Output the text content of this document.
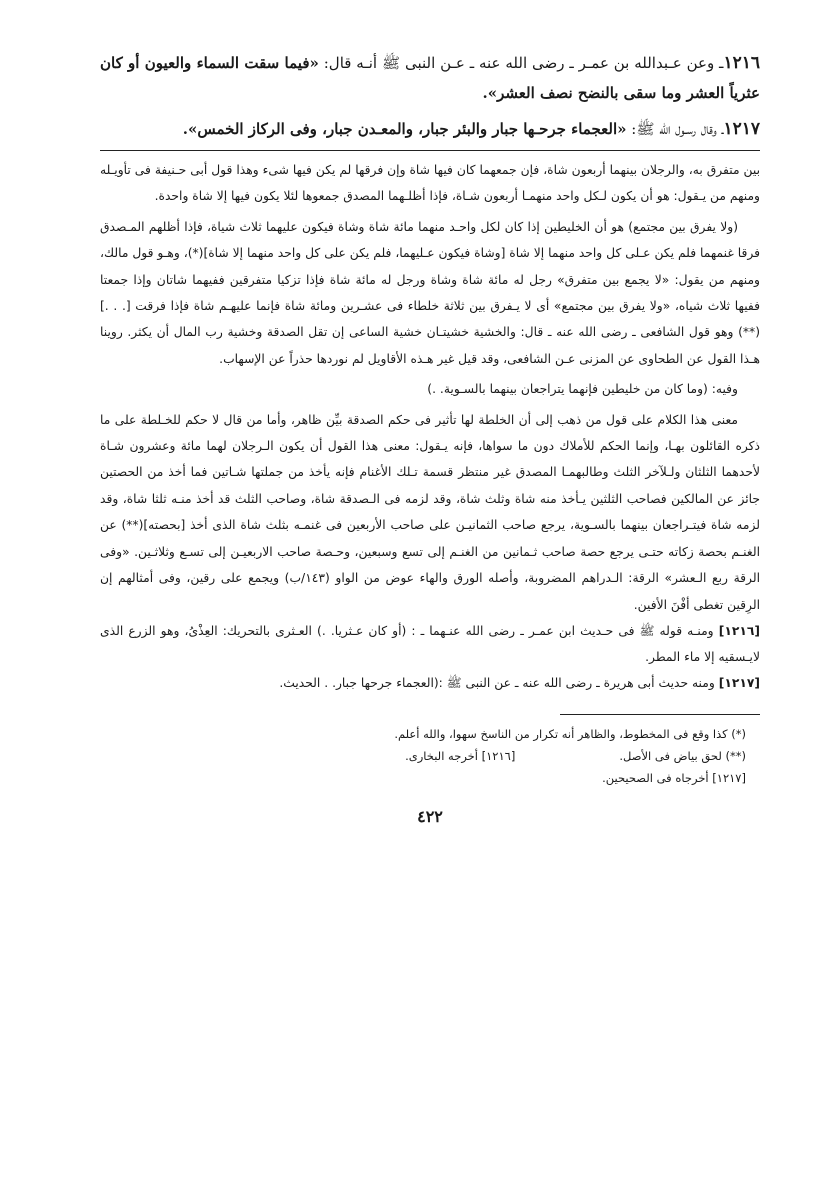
١٢١٦ـ وعن عـبدالله بن عمـر ـ رضى الله عنه ـ عـن النبى ﷺ أنـه قال: «فيما سقت السماء والعيون أو كان عثرياً العشر وما سقى بالنضح نصف العشر».
١٢١٧ـ وقال رسـول الله ﷺ: «العجماء جرحـها جبار والبئر جبار، والمعـدن جبار، وفى الركاز الخمس».

بين متفرق به، والرجلان بينهما أربعون شاة، فإن جمعهما كان فيها شاة وإن فرقها لم يكن فيها شىء وهذا قول أبى حـنيفة فى تأويـله ومنهم من يـقول: هو أن يكون لـكل واحد منهمـا أربعون شـاة، فإذا أظلـهما المصدق جمعوها لئلا يكون فيها إلا شاة واحدة.

(ولا يفرق بين مجتمع) هو أن الخليطين إذا كان لكل واحـد منهما مائة شاة وشاة فيكون عليهما ثلاث شياة، فإذا أظلهم المـصدق فرقا غنمهما فلم يكن عـلى كل واحد منهما إلا شاة [وشاة فيكون عـليهما، فلم يكن على كل واحد منهما إلا شاة](*)، وهـو قول مالك، ومنهم من يقول: «لا يجمع بين متفرق» رجل له مائة شاة وشاة ورجل له مائة شاة فإذا تزكيا متفرقين ففيهما شاتان وإذا جمعتا ففيها ثلاث شياه، «ولا يفرق بين مجتمع» أى لا يـفرق بين ثلاثة خلطاء فى عشـرين ومائة شاة فإنما عليهـم شاة فإذا فرقت [. . .](**) وهو قول الشافعى ـ رضى الله عنه ـ قال: والخشية خشيتـان خشية الساعى إن تقل الصدقة وخشية رب المال أن يكثر. روينا هـذا القول عن الطحاوى عن المزنى عـن الشافعى، وقد قيل غير هـذه الأقاويل لم نوردها حذراً عن الإسهاب.

وفيه: (وما كان من خليطين فإنهما يتراجعان بينهما بالسـوية. .)

معنى هذا الكلام على قول من ذهب إلى أن الخلطة لها تأثير فى حكم الصدقة بيِّن ظاهر، وأما من قال لا حكم للخـلطة على ما ذكره القائلون بهـا، وإنما الحكم للأملاك دون ما سواها، فإنه يـقول: معنى هذا القول أن يكون الـرجلان لهما مائة وعشرون شـاة لأحدهما الثلثان ولـلآخر الثلث وطالبهمـا المصدق غير منتظر قسمة تـلك الأغنام فإنه يأخذ من جملتها شـاتين فما أخذ من الحصتين جائز عن المالكين فصاحب الثلثين يـأخذ منه شاة وثلث شاة، وقد لزمه فى الـصدقة شاة، وصاحب الثلث قد أخذ منـه ثلثا شاة، وقد لزمه شاة فيتـراجعان بينهما بالسـوية، يرجع صاحب الثمانيـن على صاحب الأربعين فى غنمـه بثلث شاة الذى أخذ [بحصته](**) عن الغنـم بحصة زكاته حتـى يرجع حصة صاحب ثـمانين من الغنـم إلى تسع وسبعين، وحـصة صاحب الاربعيـن إلى تسـع وثلاثـين. «وفى الرقة ربع الـعشر» الرقة: الـدراهم المضروبة، وأصله الورق والهاء عوض من الواو (١٤٣/ب) ويجمع على رقين، وفى أمثالهم إن الرِقين تغطى أفْنَ الأفين.

[١٢١٦] ومنـه قوله ﷺ فى حـديث ابن عمـر ـ رضى الله عنـهما ـ : (أو كان عـثريا. .) العـثرى بالتحريك: العِذْىُ، وهو الزرع الذى لايـسقيه إلا ماء المطر.

[١٢١٧] ومنه حديث أبى هريرة ـ رضى الله عنه ـ عن النبى ﷺ :(العجماء جرحها جبار. . الحديث.

(*) كذا وقع فى المخطوط، والظاهر أنه تكرار من الناسخ سهوا، والله أعلم.

(**) لحق بياض فى الأصل.

[١٢١٦] أخرجه البخارى.

[١٢١٧] أخرجاه فى الصحيحين.

٤٢٢
